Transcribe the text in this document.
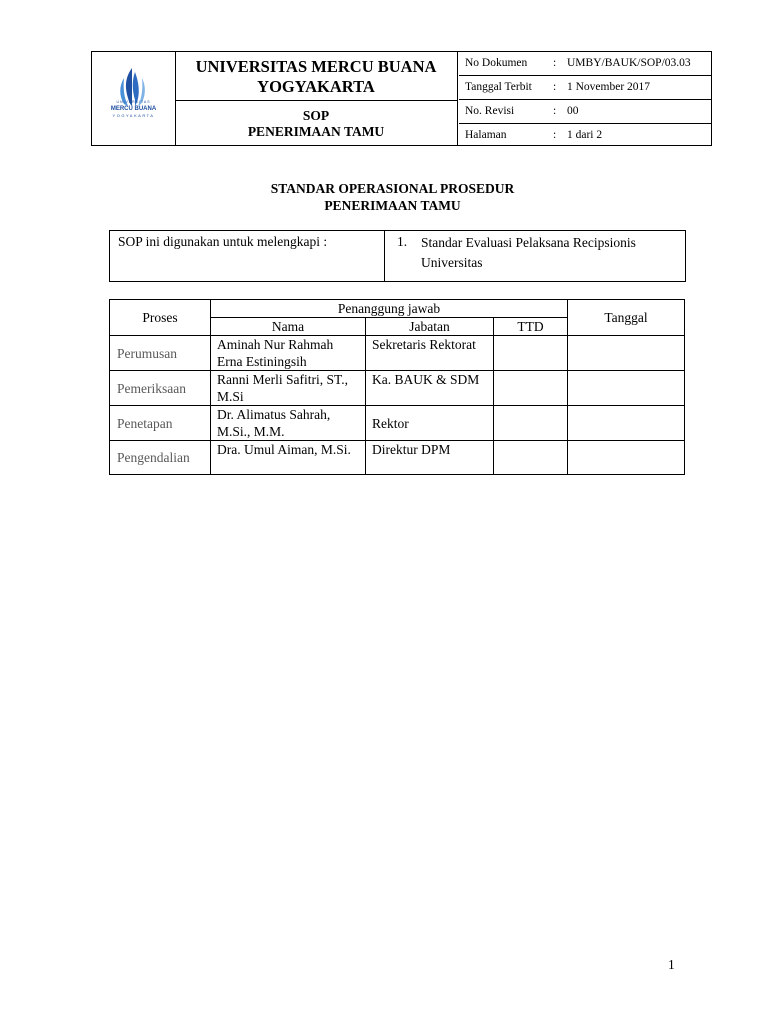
UNIVERSITAS
MERCU BUANA
YOGYAKARTA
UNIVERSITAS MERCU BUANA
YOGYAKARTA
SOP
PENERIMAAN TAMU
No Dokumen : UMBY/BAUK/SOP/03.03
Tanggal Terbit : 1 November 2017
No. Revisi	: 00
Halaman	: 1 dari 2
STANDAR OPERASIONAL PROSEDUR
PENERIMAAN TAMU
SOP ini digunakan untuk melengkapi :	1. Standar Evaluasi Pelaksana Recipsionis Universitas
Proses	Penanggung jawab			Tanggal
	Nama	Jabatan	TTD	
Perumusan	Aminah Nur Rahmah Erna Estiningsih	Sekretaris Rektorat		
Pemeriksaan	Ranni Merli Safitri, ST., M.Si	Ka. BAUK & SDM		
Penetapan	Dr. Alimatus Sahrah, M.Si., M.M.	Rektor		
Pengendalian	Dra. Umul Aiman, M.Si.	Direktur DPM		
1
